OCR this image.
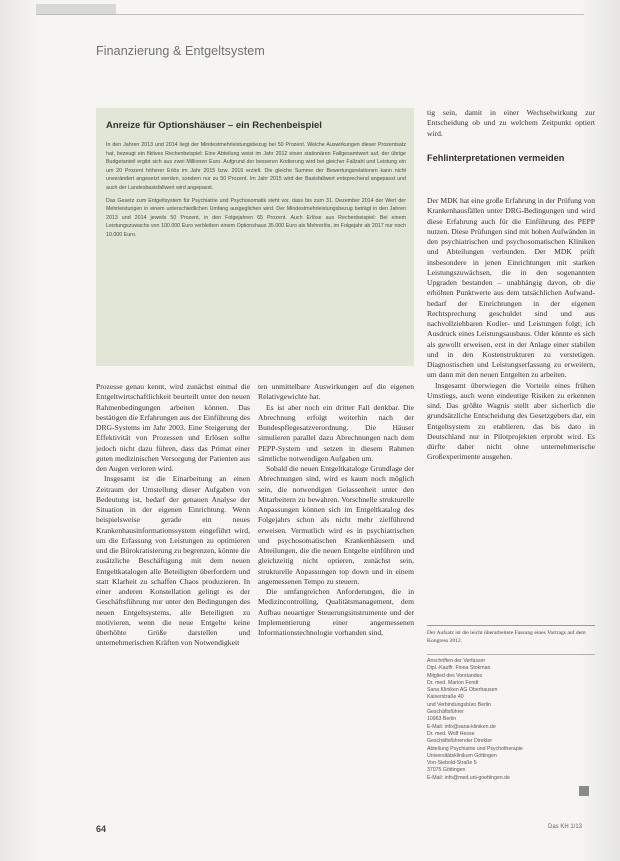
Finanzierung & Entgeltsystem
Anreize für Optionshäuser – ein Rechenbeispiel

In den Jahren 2013 und 2014 liegt der Mindestmehrleistungsbezug bei 50 Prozent. Welche Auswirkungen dieser Prozentsatz hat, bezeugt ein fiktives Rechenbeispiel: Eine Abteilung weist im Jahr 2012 einen stationären Fallgesamtwert auf, der übrige Budgetanteil ergibt sich aus zwei Millionen Euro. Aufgrund der besseren Kodierung wird bei gleicher Fallzahl und Leistung ein um 20 Prozent höherer Erlös im Jahr 2015 bzw. 2016 erzielt. Die gleiche Summe der Bewertungsrelationen kann nicht unverändert angesetzt werden, sondern nur zu 50 Prozent. Im Jahr 2015 wird der Basisfallwert entsprechend angepasst und auch der Landesbasisfallwert wird angepasst.

Das Gesetz zum Entgeltsystem für Psychiatrie und Psychosomatik sieht vor, dass bis zum 31. Dezember 2014 der Wert der Mehrleistungen in einem unterschiedlichen Umfang ausgeglichen wird. Der Mindestmehrleistungsbezug beträgt in den Jahren 2013 und 2014 jeweils 50 Prozent, in den Folgejahren 65 Prozent. Auch Erlöse aus Rechenbeispiel: Bei einem Leistungszuwachs von 100.000 Euro verbleiben einem Optionshaus 35.000 Euro als Mehrerlös, im Folgejahr ab 2017 nur noch 10.000 Euro.

Prozesse genau kennt, wird zunächst einmal die Entgeltwirtschaftlichkeit beurteilt unter den neuen Rahmenbedingungen arbeiten können. Das bestätigen die Erfahrungen aus der Einführung des DRG-Systems im Jahr 2003. Eine Steigerung der Effektivität von Prozessen und Erlösen sollte jedoch nicht dazu führen, dass das Primat einer guten medizinischen Versorgung der Patienten aus den Augen verloren wird.

Insgesamt ist die Einarbeitung an einen Zeitraum der Umstellung dieser Aufgaben von Bedeutung ist, bedarf der genauen Analyse der Situation in der eigenen Einrichtung. Wenn beispielsweise gerade ein neues Krankenhausinformationssystem eingeführt wird, um die Erfassung von Leistungen zu optimieren und die Bürokratisierung zu begrenzen, könnte die zusätzliche Beschäftigung mit dem neuen Entgeltkatalogen alle Beteiligten überfordern und statt Klarheit zu schaffen Chaos produzieren. In einer anderen Konstellation gelingt es der Geschäftsführung nur unter den Bedingungen des neuen Entgeltsystems, alle Beteiligten zu motivieren, wenn die neue Entgelte keine überhöhte Größe darstellen und unternehmerischen Kräften von Notwendigkeit

ten unmittelbare Auswirkungen auf die eigenen Relativgewichte hat.

Es ist aber noch ein dritter Fall denkbar. Die Abrechnung erfolgt weiterhin nach der Bundespflegesatzverordnung. Die Häuser simulieren parallel dazu Abrechnungen nach dem PEPP-System und setzen in diesem Rahmen sämtliche notwendigen Aufgaben um.

Sobald die neuen Entgeltkataloge Grundlage der Abrechnungen sind, wird es kaum noch möglich sein, die notwendigen Gelassenheit unter den Mitarbeitern zu bewahren. Vorschnelle strukturelle Anpassungen können sich im Entgeltkatalog des Folgejahrs schon als nicht mehr zielführend erweisen. Vermutlich wird es in psychiatrischen und psychosomatischen Krankenhäusern und Abteilungen, die die neuen Entgelte einführen und gleichzeitig nicht optieren, zunächst sein, strukturelle Anpassungen top down und in einem angemessenen Tempo zu steuern.

Die umfangreichen Anforderungen, die in Medizincontrolling, Qualitätsmanagement, dem Aufbau neuartiger Steuerungsinstrumente und der Implementierung einer angemessenen Informationstechnologie vorhanden sind,

tig sein, damit in einer Wechselwirkung zur Entscheidung ob und zu welchem Zeitpunkt optiert wird.

Fehlinterpretationen vermeiden

Der MDK hat eine große Erfahrung in der Prüfung von Krankenhausfällen unter DRG-Bedingungen und wird diese Erfahrung auch für die Einführung des PEPP nutzen. Diese Prüfungen sind mit hohen Aufwänden in den psychiatrischen und psychosomatischen Kliniken und Abteilungen verbunden. Der MDK prüft insbesondere in jenen Einrichtungen mit starken Leistungszuwächsen, die in den sogenannten Upgraden bestanden – unabhängig davon, ob die erhöhten Punktwerte aus dem tatsächlichen Aufwand-bedarf der Einrichtungen in der eigenen Rechtsprechung geschuldet sind und aus nachvollziehbaren Kodier- und Leistungen folgt; ich Ausdruck eines Leistungsausbaus. Oder könnte es sich als gewollt erweisen, erst in der Anlage einer stabilen und in den Kostenstrukturen zu verstetigen. Diagnostischen und Leistungserfassung zu erweitern, um dann mit den neuen Entgelten zu arbeiten.

Insgesamt überwiegen die Vorteile eines frühen Umstiegs, auch wenn eindeutige Risiken zu erkennen sind. Das größte Wagnis stellt aber sicherlich die grundsätzliche Entscheidung des Gesetzgebers dar, ein Entgeltsystem zu etablieren, das bis dato in Deutschland nur in Pilotprojekten erprobt wird. Es dürfte daher nicht ohne unternehmerische Großexperimente ausgehen.

Der Aufsatz ist die leicht überarbeitete Fassung eines Vortrags auf dem Kongress 2012.
Anschriften der Verfasser
Dipl.-Kauffr. Fiona Stokman
Mitglied des Vorstandes
Dr. med. Marion Fendt
Sana Kliniken AG Oberhausen
Kaiserstraße 40
und Verbindungsbüro Berlin
Geschäftsführer
10963 Berlin
E-Mail: info@sana-kliniken.de
Dr. med. Wolf Hesse
Geschäftsführender Direktor
Abteilung Psychiatrie und Psychotherapie
Universitätsklinikum Göttingen
Von-Siebold-Straße 5
37075 Göttingen
E-Mail: info@med.uni-goettingen.de
64	Das KH 1/13
